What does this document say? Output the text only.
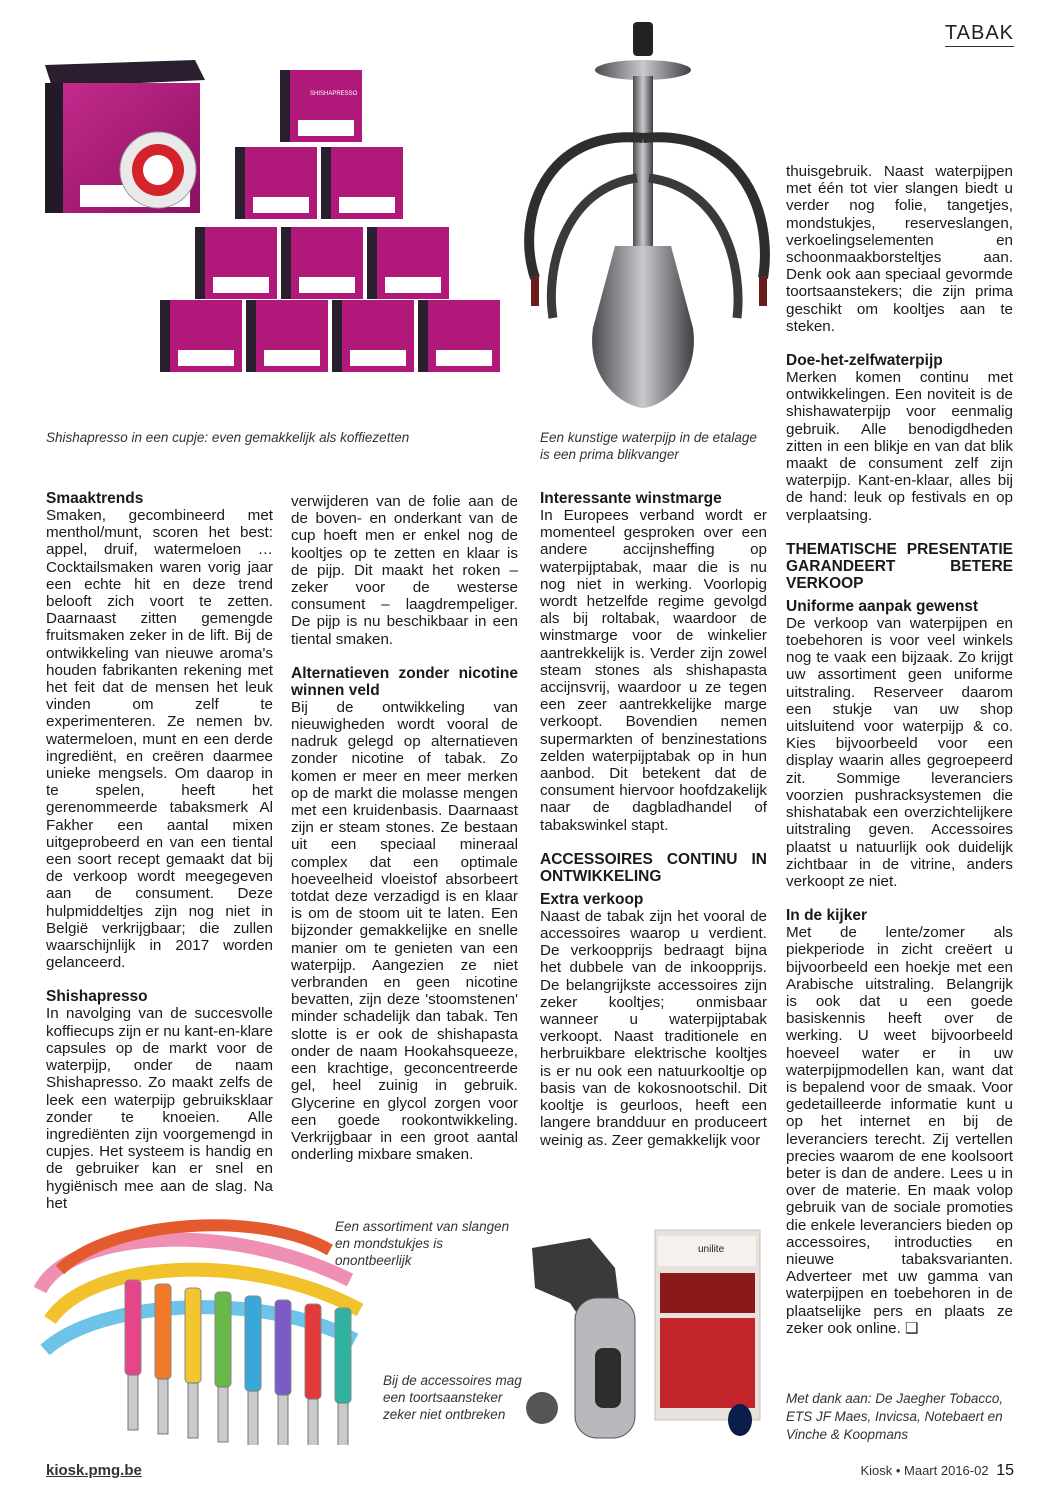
TABAK
SHISHAPRESSO
Shishapresso in een cupje: even gemakkelijk als koffiezetten	Een kunstige waterpijp in de etalage
is een prima blikvanger
Smaaktrends

Smaken, gecombineerd met menthol/munt, scoren het best: appel, druif, watermeloen … Cocktailsmaken waren vorig jaar een echte hit en deze trend belooft zich voort te zetten. Daarnaast zitten gemengde fruitsmaken zeker in de lift. Bij de ontwikkeling van nieuwe aroma's houden fabrikanten rekening met het feit dat de mensen het leuk vinden om zelf te experimenteren. Ze nemen bv. watermeloen, munt en een derde ingrediënt, en creëren daarmee unieke mengsels. Om daarop in te spelen, heeft het gerenommeerde tabaksmerk Al Fakher een aantal mixen uitgeprobeerd en van een tiental een soort recept gemaakt dat bij de verkoop wordt meegegeven aan de consument. Deze hulpmiddeltjes zijn nog niet in België verkrijgbaar; die zullen waarschijnlijk in 2017 worden gelanceerd.

Shishapresso

In navolging van de succesvolle koffiecups zijn er nu kant-en-klare capsules op de markt voor de waterpijp, onder de naam Shishapresso. Zo maakt zelfs de leek een waterpijp gebruiksklaar zonder te knoeien. Alle ingrediënten zijn voorgemengd in cupjes. Het systeem is handig en de gebruiker kan er snel en hygiënisch mee aan de slag. Na het

verwijderen van de folie aan de de boven- en onderkant van de cup hoeft men er enkel nog de kooltjes op te zetten en klaar is de pijp. Dit maakt het roken – zeker voor de westerse consument – laagdrempeliger. De pijp is nu beschikbaar in een tiental smaken.

Alternatieven zonder nicotine winnen veld

Bij de ontwikkeling van nieuwigheden wordt vooral de nadruk gelegd op alternatieven zonder nicotine of tabak. Zo komen er meer en meer merken op de markt die molasse mengen met een kruidenbasis. Daarnaast zijn er steam stones. Ze bestaan uit een speciaal mineraal complex dat een optimale hoeveelheid vloeistof absorbeert totdat deze verzadigd is en klaar is om de stoom uit te laten. Een bijzonder gemakkelijke en snelle manier om te genieten van een waterpijp. Aangezien ze niet verbranden en geen nicotine bevatten, zijn deze 'stoomstenen' minder schadelijk dan tabak. Ten slotte is er ook de shishapasta onder de naam Hookahsqueeze, een krachtige, geconcentreerde gel, heel zuinig in gebruik. Glycerine en glycol zorgen voor een goede rookontwikkeling. Verkrijgbaar in een groot aantal onderling mixbare smaken.

Interessante winstmarge

In Europees verband wordt er momenteel gesproken over een andere accijnsheffing op waterpijptabak, maar die is nu nog niet in werking. Voorlopig wordt hetzelfde regime gevolgd als bij roltabak, waardoor de winstmarge voor de winkelier aantrekkelijk is. Verder zijn zowel steam stones als shishapasta accijnsvrij, waardoor u ze tegen een zeer aantrekkelijke marge verkoopt. Bovendien nemen supermarkten of benzinestations zelden waterpijptabak op in hun aanbod. Dit betekent dat de consument hiervoor hoofdzakelijk naar de dagbladhandel of tabakswinkel stapt.

ACCESSOIRES CONTINU IN ONTWIKKELING
Extra verkoop

Naast de tabak zijn het vooral de accessoires waarop u verdient. De verkoopprijs bedraagt bijna het dubbele van de inkoopprijs. De belangrijkste accessoires zijn zeker kooltjes; onmisbaar wanneer u waterpijptabak verkoopt. Naast traditionele en herbruikbare elektrische kooltjes is er nu ook een natuurkooltje op basis van de kokosnootschil. Dit kooltje is geurloos, heeft een langere brandduur en produceert weinig as. Zeer gemakkelijk voor

thuisgebruik. Naast waterpijpen met één tot vier slangen biedt u verder nog folie, tangetjes, mondstukjes, reserveslangen, verkoelingselementen en schoonmaakborsteltjes aan. Denk ook aan speciaal gevormde toortsaanstekers; die zijn prima geschikt om kooltjes aan te steken.

Doe-het-zelfwaterpijp

Merken komen continu met ontwikkelingen. Een noviteit is de shishawaterpijp voor eenmalig gebruik. Alle benodigdheden zitten in een blikje en van dat blik maakt de consument zelf zijn waterpijp. Kant-en-klaar, alles bij de hand: leuk op festivals en op verplaatsing.

THEMATISCHE PRESENTATIE GARANDEERT BETERE VERKOOP
Uniforme aanpak gewenst

De verkoop van waterpijpen en toebehoren is voor veel winkels nog te vaak een bijzaak. Zo krijgt uw assortiment geen uniforme uitstraling. Reserveer daarom een stukje van uw shop uitsluitend voor waterpijp & co. Kies bijvoorbeeld voor een display waarin alles gegroepeerd zit. Sommige leveranciers voorzien pushracksystemen die shishatabak een overzichtelijkere uitstraling geven. Accessoires plaatst u natuurlijk ook duidelijk zichtbaar in de vitrine, anders verkoopt ze niet.

In de kijker

Met de lente/zomer als piekperiode in zicht creëert u bijvoorbeeld een hoekje met een Arabische uitstraling. Belangrijk is ook dat u een goede basiskennis heeft over de werking. U weet bijvoorbeeld hoeveel water er in uw waterpijpmodellen kan, want dat is bepalend voor de smaak. Voor gedetailleerde informatie kunt u op het internet en bij de leveranciers terecht. Zij vertellen precies waarom de ene koolsoort beter is dan de andere. Lees u in over de materie. En maak volop gebruik van de sociale promoties die enkele leveranciers bieden op accessoires, introducties en nieuwe tabaksvarianten. Adverteer met uw gamma van waterpijpen en toebehoren in de plaatselijke pers en plaats ze zeker ook online. ❑

Met dank aan: De Jaegher Tobacco,
ETS JF Maes, Invicsa, Notebaert en
Vinche & Koopmans
Een assortiment van slangen
en mondstukjes is
onontbeerlijk
Bij de accessoires mag
een toortsaansteker
zeker niet ontbreken
unilite
kiosk.pmg.be	Kiosk • Maart 2016-02 15
